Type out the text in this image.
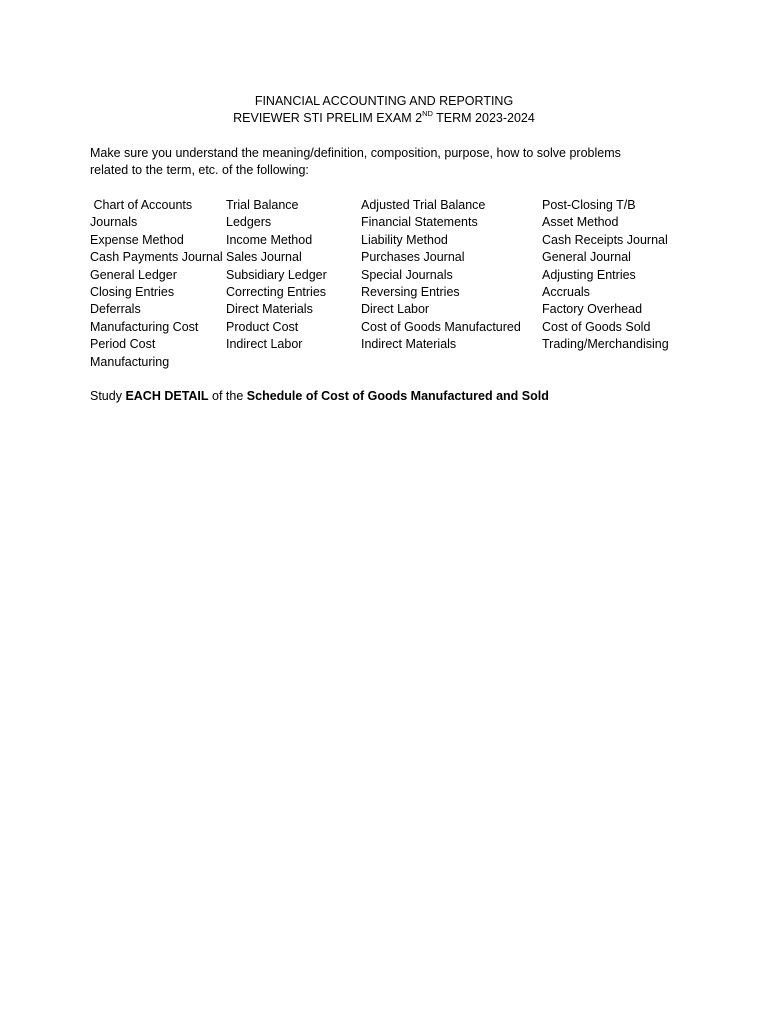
FINANCIAL ACCOUNTING AND REPORTING
REVIEWER STI PRELIM EXAM 2ND TERM 2023-2024
Make sure you understand the meaning/definition, composition, purpose, how to solve problems
related to the term, etc. of the following:
Chart of Accounts
Journals
Expense Method
Cash Payments Journal
General Ledger
Closing Entries
Deferrals
Manufacturing Cost
Period Cost
Manufacturing
Trial Balance
Ledgers
Income Method
Sales Journal
Subsidiary Ledger
Correcting Entries
Direct Materials
Product Cost
Indirect Labor
Adjusted Trial Balance
Financial Statements
Liability Method
Purchases Journal
Special Journals
Reversing Entries
Direct Labor
Cost of Goods Manufactured
Indirect Materials
Post-Closing T/B
Asset Method
Cash Receipts Journal
General Journal
Adjusting Entries
Accruals
Factory Overhead
Cost of Goods Sold
Trading/Merchandising
Study EACH DETAIL of the Schedule of Cost of Goods Manufactured and Sold
